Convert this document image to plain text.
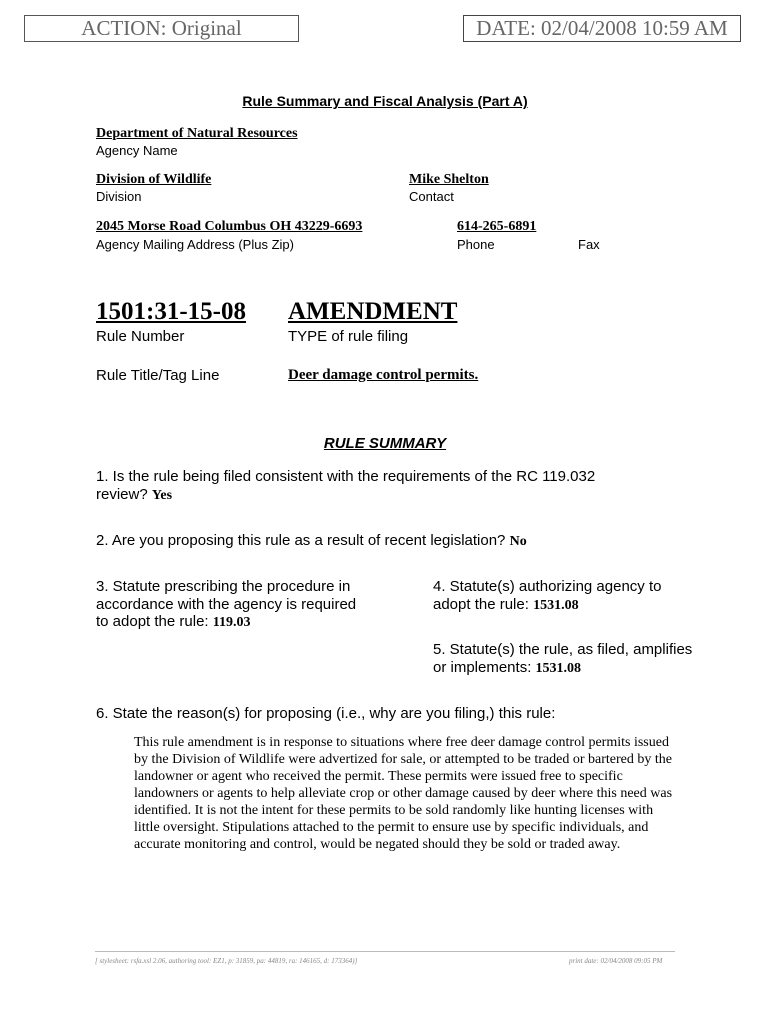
ACTION: Original	DATE: 02/04/2008 10:59 AM
Rule Summary and Fiscal Analysis (Part A)
Department of Natural Resources
Agency Name
Division of Wildlife
Division
Mike Shelton
Contact
2045 Morse Road Columbus OH 43229-6693
Agency Mailing Address (Plus Zip)
614-265-6891
Phone	Fax
1501:31-15-08
Rule Number
AMENDMENT
TYPE of rule filing
Rule Title/Tag Line	Deer damage control permits.
RULE SUMMARY
1. Is the rule being filed consistent with the requirements of the RC 119.032
review? Yes
2. Are you proposing this rule as a result of recent legislation? No
3. Statute prescribing the procedure in
accordance with the agency is required
to adopt the rule: 119.03
4. Statute(s) authorizing agency to
adopt the rule: 1531.08
5. Statute(s) the rule, as filed, amplifies
or implements: 1531.08
6. State the reason(s) for proposing (i.e., why are you filing,) this rule:
This rule amendment is in response to situations where free deer damage control permits issued by the Division of Wildlife were advertized for sale, or attempted to be traded or bartered by the landowner or agent who received the permit. These permits were issued free to specific landowners or agents to help alleviate crop or other damage caused by deer where this need was identified. It is not the intent for these permits to be sold randomly like hunting licenses with little oversight. Stipulations attached to the permit to ensure use by specific individuals, and accurate monitoring and control, would be negated should they be sold or traded away.
[ stylesheet: rsfa.xsl 2.06, authoring tool: EZ1, p: 31859, pa: 44819, ra: 146165, d: 173364)]	print date: 02/04/2008 09:05 PM
